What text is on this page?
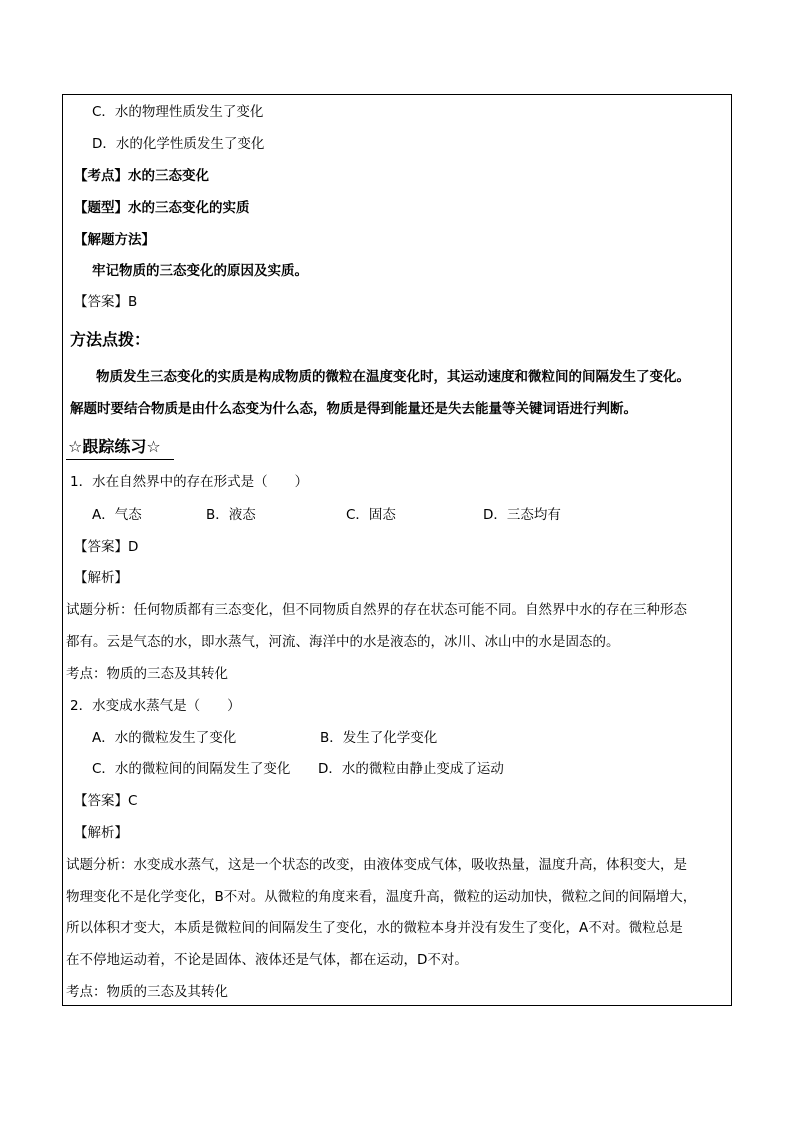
C．水的物理性质发生了变化
D．水的化学性质发生了变化
【考点】水的三态变化
【题型】水的三态变化的实质
【解题方法】
牢记物质的三态变化的原因及实质。
【答案】B
方法点拨：
物质发生三态变化的实质是构成物质的微粒在温度变化时，其运动速度和微粒间的间隔发生了变化。
解题时要结合物质是由什么态变为什么态，物质是得到能量还是失去能量等关键词语进行判断。
☆跟踪练习☆
1．水在自然界中的存在形式是（　　）
A．气态	B．液态	C．固态	D．三态均有
【答案】D
【解析】
试题分析：任何物质都有三态变化，但不同物质自然界的存在状态可能不同。自然界中水的存在三种形态
都有。云是气态的水，即水蒸气，河流、海洋中的水是液态的，冰川、冰山中的水是固态的。
考点：物质的三态及其转化
2．水变成水蒸气是（　　）
A．水的微粒发生了变化	B．发生了化学变化
C．水的微粒间的间隔发生了变化 D．水的微粒由静止变成了运动
【答案】C
【解析】
试题分析：水变成水蒸气，这是一个状态的改变，由液体变成气体，吸收热量，温度升高，体积变大，是
物理变化不是化学变化，B不对。从微粒的角度来看，温度升高，微粒的运动加快，微粒之间的间隔增大，
所以体积才变大，本质是微粒间的间隔发生了变化，水的微粒本身并没有发生了变化，A不对。微粒总是
在不停地运动着，不论是固体、液体还是气体，都在运动，D不对。
考点：物质的三态及其转化
